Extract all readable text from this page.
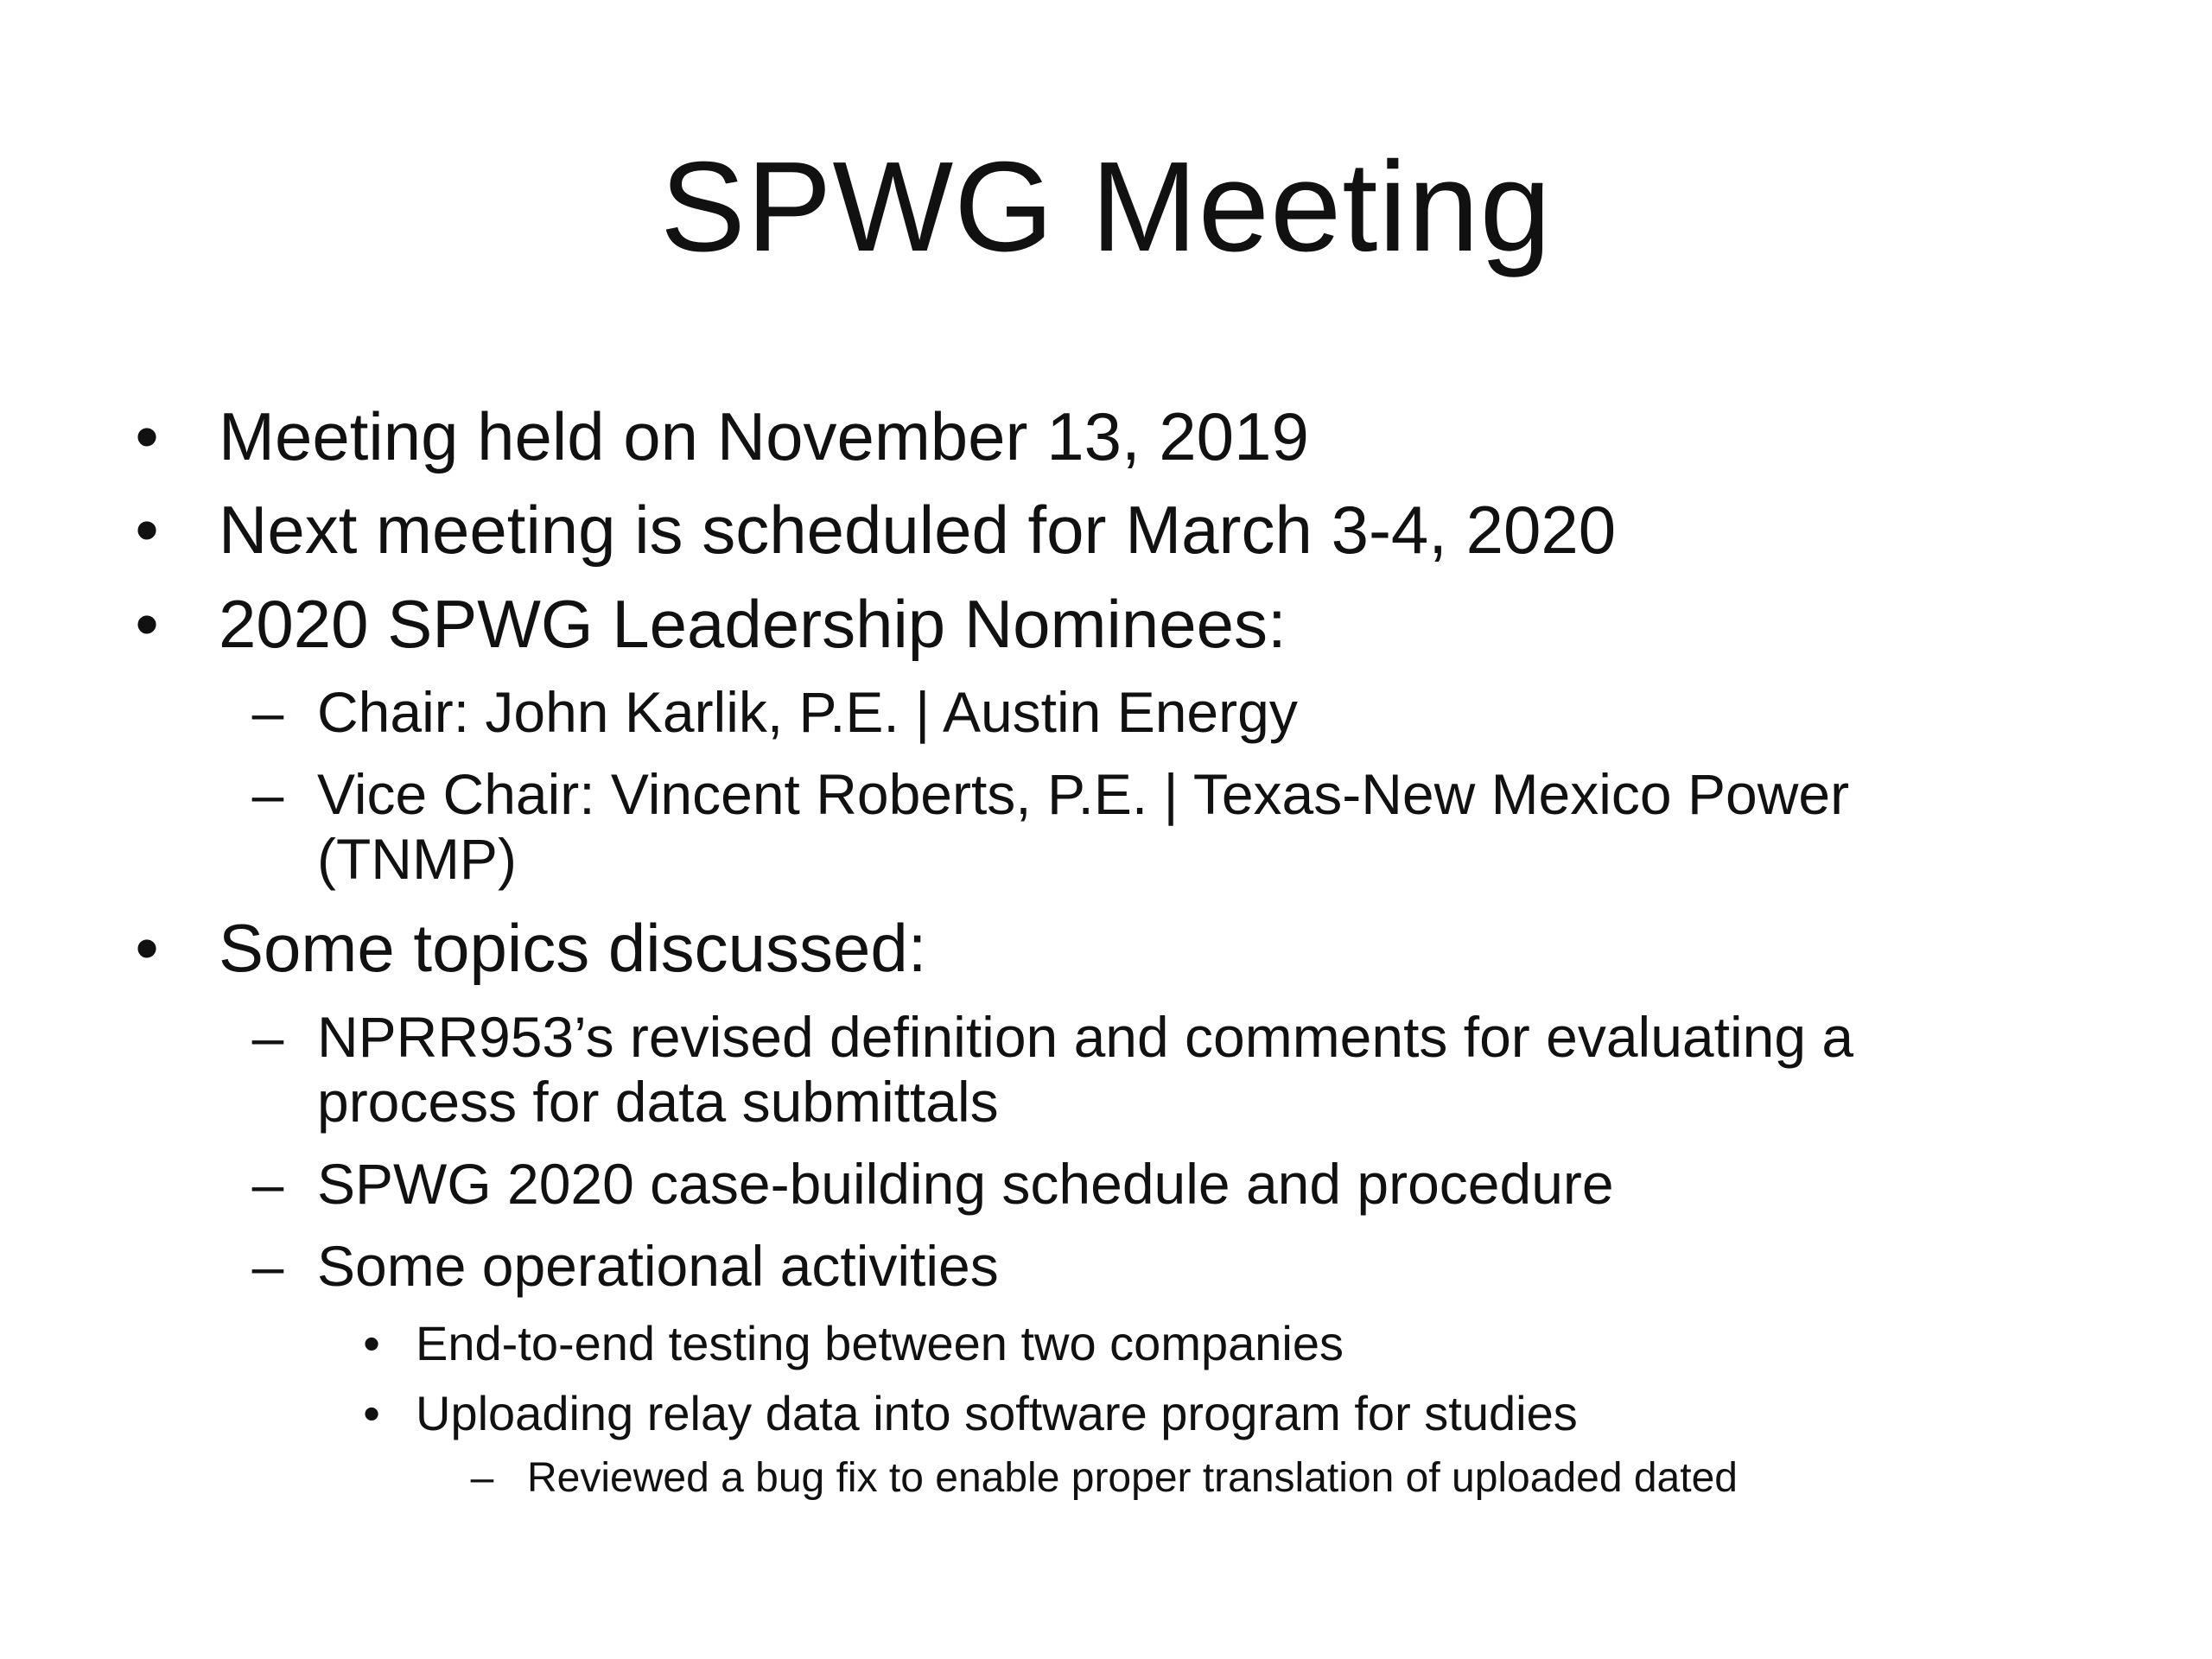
SPWG Meeting
• Meeting held on November 13, 2019
• Next meeting is scheduled for March 3-4, 2020
• 2020 SPWG Leadership Nominees:
– Chair: John Karlik, P.E. | Austin Energy
– Vice Chair: Vincent Roberts, P.E. | Texas-New Mexico Power
(TNMP)
• Some topics discussed:
– NPRR953’s revised definition and comments for evaluating a
process for data submittals
– SPWG 2020 case-building schedule and procedure
– Some operational activities
• End-to-end testing between two companies
• Uploading relay data into software program for studies
– Reviewed a bug fix to enable proper translation of uploaded dated
